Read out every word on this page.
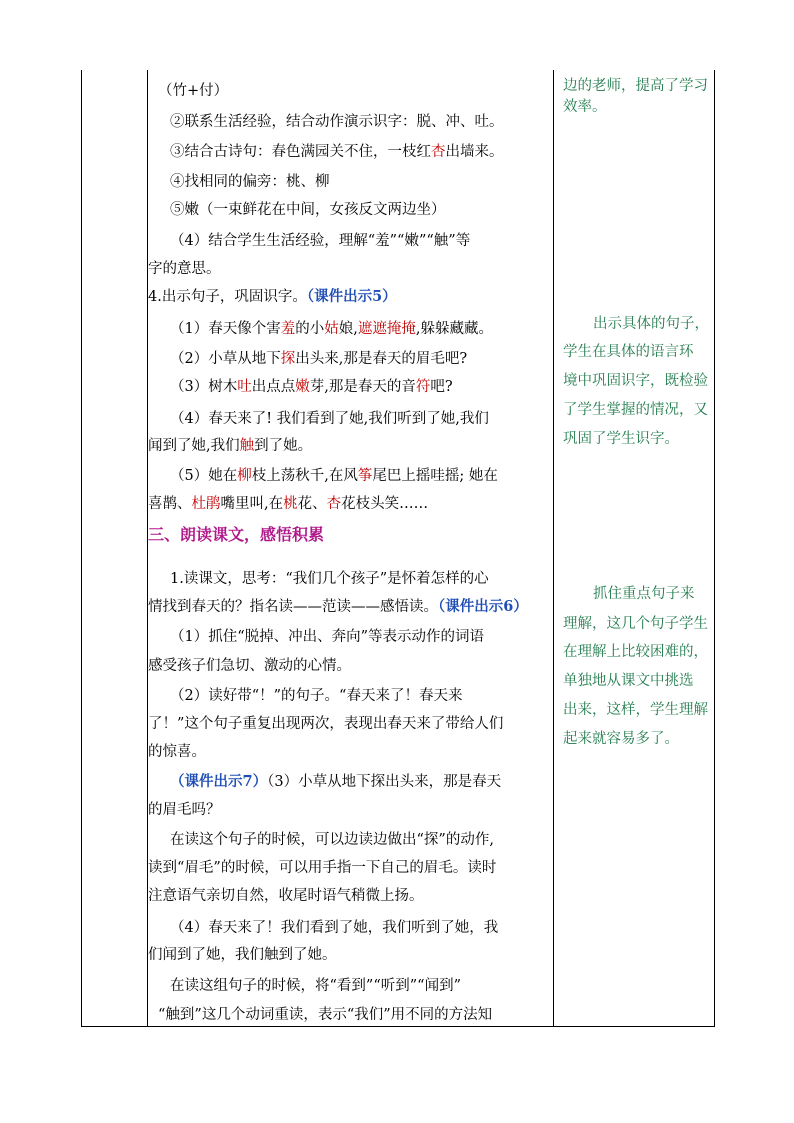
（竹+付）
②联系生活经验，结合动作演示识字：脱、冲、吐。
③结合古诗句：春色满园关不住，一枝红杏出墙来。
④找相同的偏旁：桃、柳
⑤嫩（一束鲜花在中间，女孩反文两边坐）
（4）结合学生生活经验，理解“羞”“嫩”“触”等
字的意思。
4.出示句子，巩固识字。（课件出示5）
（1）春天像个害羞的小姑娘,遮遮掩掩,躲躲藏藏。
（2）小草从地下探出头来,那是春天的眉毛吧?
（3）树木吐出点点嫩芽,那是春天的音符吧?
（4）春天来了! 我们看到了她,我们听到了她,我们
闻到了她,我们触到了她。
（5）她在柳枝上荡秋千,在风筝尾巴上摇哇摇; 她在
喜鹊、杜鹃嘴里叫,在桃花、杏花枝头笑……
三、朗读课文，感悟积累
1.读课文，思考：“我们几个孩子”是怀着怎样的心
情找到春天的？指名读——范读——感悟读。（课件出示6）
（1）抓住“脱掉、冲出、奔向”等表示动作的词语
感受孩子们急切、激动的心情。
（2）读好带“！”的句子。“春天来了！春天来
了！”这个句子重复出现两次，表现出春天来了带给人们
的惊喜。
（课件出示7）（3）小草从地下探出头来，那是春天
的眉毛吗？
在读这个句子的时候，可以边读边做出“探”的动作,
读到“眉毛”的时候，可以用手指一下自己的眉毛。读时
注意语气亲切自然，收尾时语气稍微上扬。
（4）春天来了！我们看到了她，我们听到了她，我
们闻到了她，我们触到了她。
在读这组句子的时候，将“看到”“听到”“闻到”
“触到”这几个动词重读，表示“我们”用不同的方法知
边的老师，提高了学习
效率。
出示具体的句子，
学生在具体的语言环
境中巩固识字，既检验
了学生掌握的情况，又
巩固了学生识字。
抓住重点句子来
理解，这几个句子学生
在理解上比较困难的，
单独地从课文中挑选
出来，这样，学生理解
起来就容易多了。
